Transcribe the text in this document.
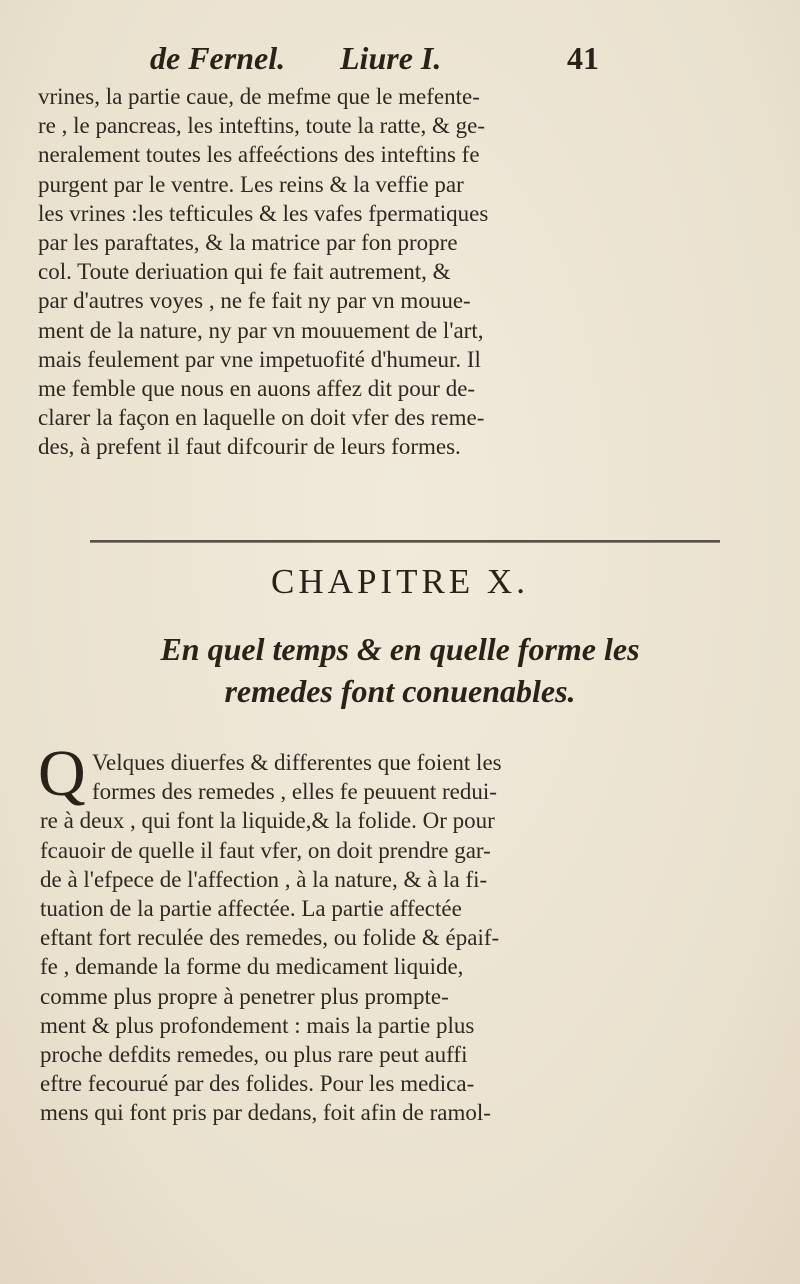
de Fernel. Liure I.	41
vrines, la partie caue, de mefme que le mefente-
re , le pancreas, les inteftins, toute la ratte, & ge-
neralement toutes les affeéctions des inteftins fe
purgent par le ventre. Les reins & la veffie par
les vrines :les tefticules & les vafes fpermatiques
par les paraftates, & la matrice par fon propre
col. Toute deriuation qui fe fait autrement, &
par d'autres voyes , ne fe fait ny par vn mouue-
ment de la nature, ny par vn mouuement de l'art,
mais feulement par vne impetuofité d'humeur. Il
me femble que nous en auons affez dit pour de-
clarer la façon en laquelle on doit vfer des reme-
des, à prefent il faut difcourir de leurs formes.
CHAPITRE X.
En quel temps & en quelle forme les
remedes font conuenables.
Q Velques diuerfes & differentes que foient les
formes des remedes , elles fe peuuent redui-
re à deux , qui font la liquide,& la folide. Or pour
fcauoir de quelle il faut vfer, on doit prendre gar-
de à l'efpece de l'affection , à la nature, & à la fi-
tuation de la partie affectée. La partie affectée
eftant fort reculée des remedes, ou folide & épaif-
fe , demande la forme du medicament liquide,
comme plus propre à penetrer plus prompte-
ment & plus profondement : mais la partie plus
proche defdits remedes, ou plus rare peut auffi
eftre fecourué par des folides. Pour les medica-
mens qui font pris par dedans, foit afin de ramol-
